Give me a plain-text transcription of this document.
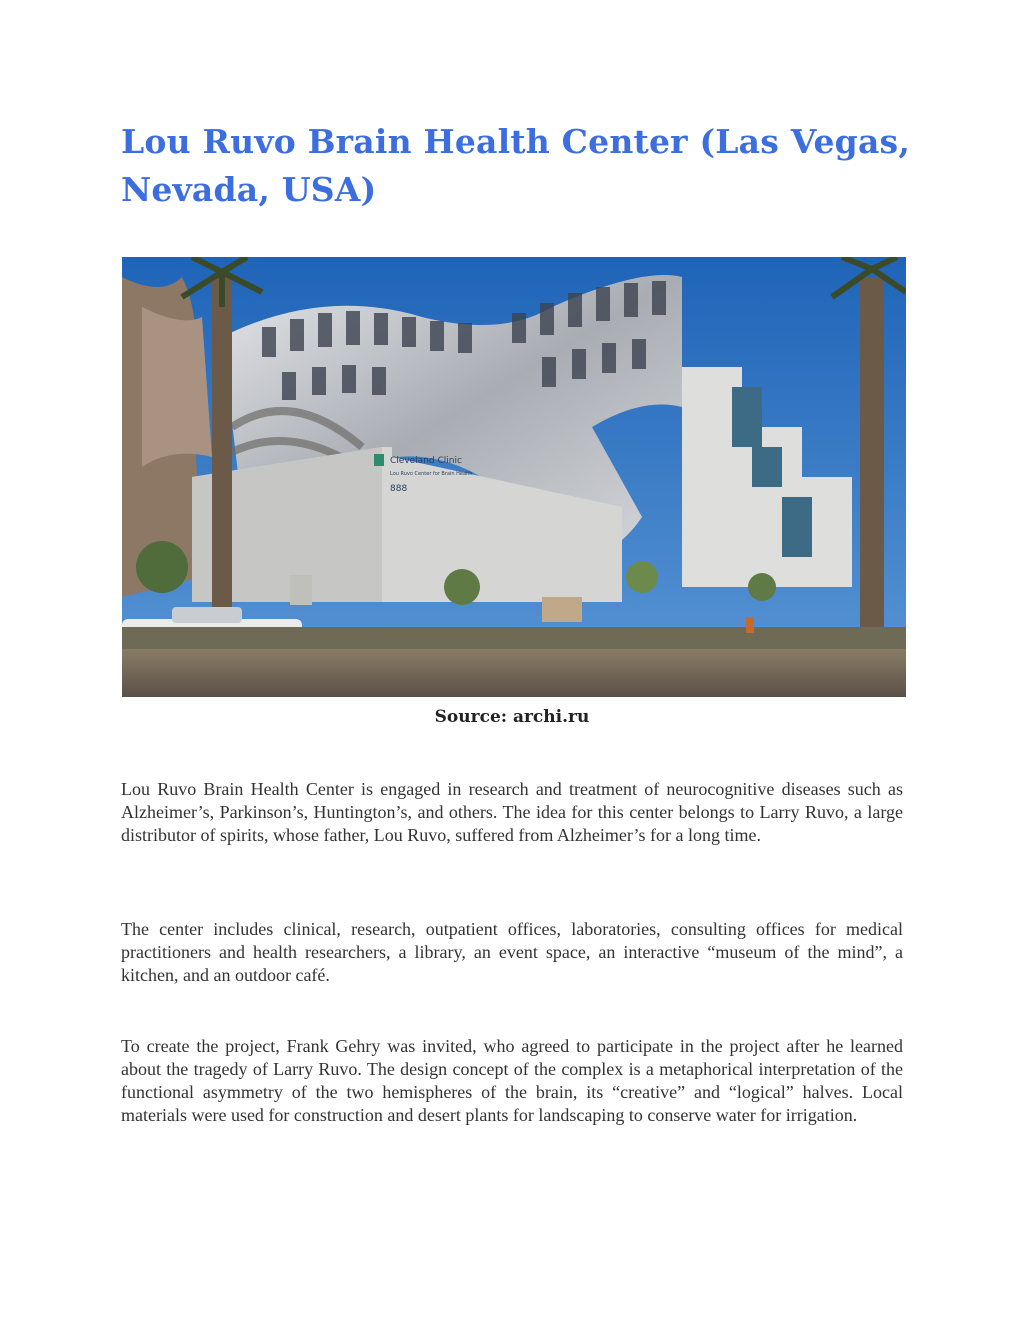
Lou Ruvo Brain Health Center (Las Vegas, Nevada, USA)
Cleveland Clinic
Lou Ruvo Center for Brain Health
888
Source: archi.ru

Lou Ruvo Brain Health Center is engaged in research and treatment of neurocognitive diseases such as Alzheimer’s, Parkinson’s, Huntington’s, and others. The idea for this center belongs to Larry Ruvo, a large distributor of spirits, whose father, Lou Ruvo, suffered from Alzheimer’s for a long time.

The center includes clinical, research, outpatient offices, laboratories, consulting offices for medical practitioners and health researchers, a library, an event space, an interactive “museum of the mind”, a kitchen, and an outdoor café.

To create the project, Frank Gehry was invited, who agreed to participate in the project after he learned about the tragedy of Larry Ruvo. The design concept of the complex is a metaphorical interpretation of the functional asymmetry of the two hemispheres of the brain, its “creative” and “logical” halves. Local materials were used for construction and desert plants for landscaping to conserve water for irrigation.
